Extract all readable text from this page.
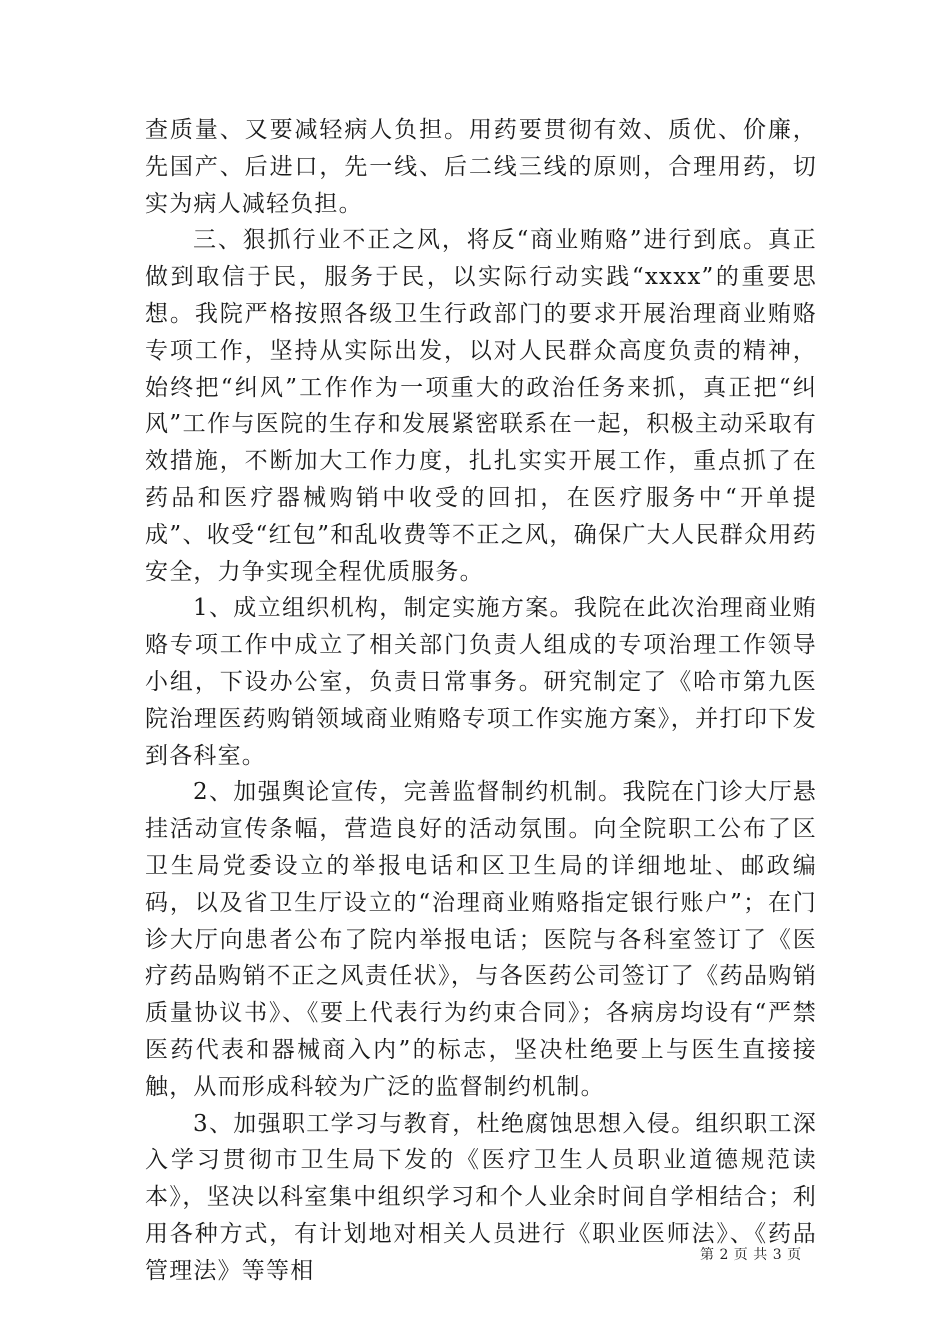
查质量、又要减轻病人负担。用药要贯彻有效、质优、价廉，先国产、后进口，先一线、后二线三线的原则，合理用药，切实为病人减轻负担。

三、狠抓行业不正之风，将反“商业贿赂”进行到底。真正做到取信于民，服务于民，以实际行动实践“xxxx”的重要思想。我院严格按照各级卫生行政部门的要求开展治理商业贿赂专项工作，坚持从实际出发，以对人民群众高度负责的精神，始终把“纠风”工作作为一项重大的政治任务来抓，真正把“纠风”工作与医院的生存和发展紧密联系在一起，积极主动采取有效措施，不断加大工作力度，扎扎实实开展工作，重点抓了在药品和医疗器械购销中收受的回扣，在医疗服务中“开单提成”、收受“红包”和乱收费等不正之风，确保广大人民群众用药安全，力争实现全程优质服务。

1、成立组织机构，制定实施方案。我院在此次治理商业贿赂专项工作中成立了相关部门负责人组成的专项治理工作领导小组，下设办公室，负责日常事务。研究制定了《哈市第九医院治理医药购销领域商业贿赂专项工作实施方案》，并打印下发到各科室。

2、加强舆论宣传，完善监督制约机制。我院在门诊大厅悬挂活动宣传条幅，营造良好的活动氛围。向全院职工公布了区卫生局党委设立的举报电话和区卫生局的详细地址、邮政编码，以及省卫生厅设立的“治理商业贿赂指定银行账户”；在门诊大厅向患者公布了院内举报电话；医院与各科室签订了《医疗药品购销不正之风责任状》，与各医药公司签订了《药品购销质量协议书》、《要上代表行为约束合同》；各病房均设有“严禁医药代表和器械商入内”的标志，坚决杜绝要上与医生直接接触，从而形成科较为广泛的监督制约机制。

3、加强职工学习与教育，杜绝腐蚀思想入侵。组织职工深入学习贯彻市卫生局下发的《医疗卫生人员职业道德规范读本》，坚决以科室集中组织学习和个人业余时间自学相结合；利用各种方式，有计划地对相关人员进行《职业医师法》、《药品管理法》等等相

第 2 页 共 3 页
